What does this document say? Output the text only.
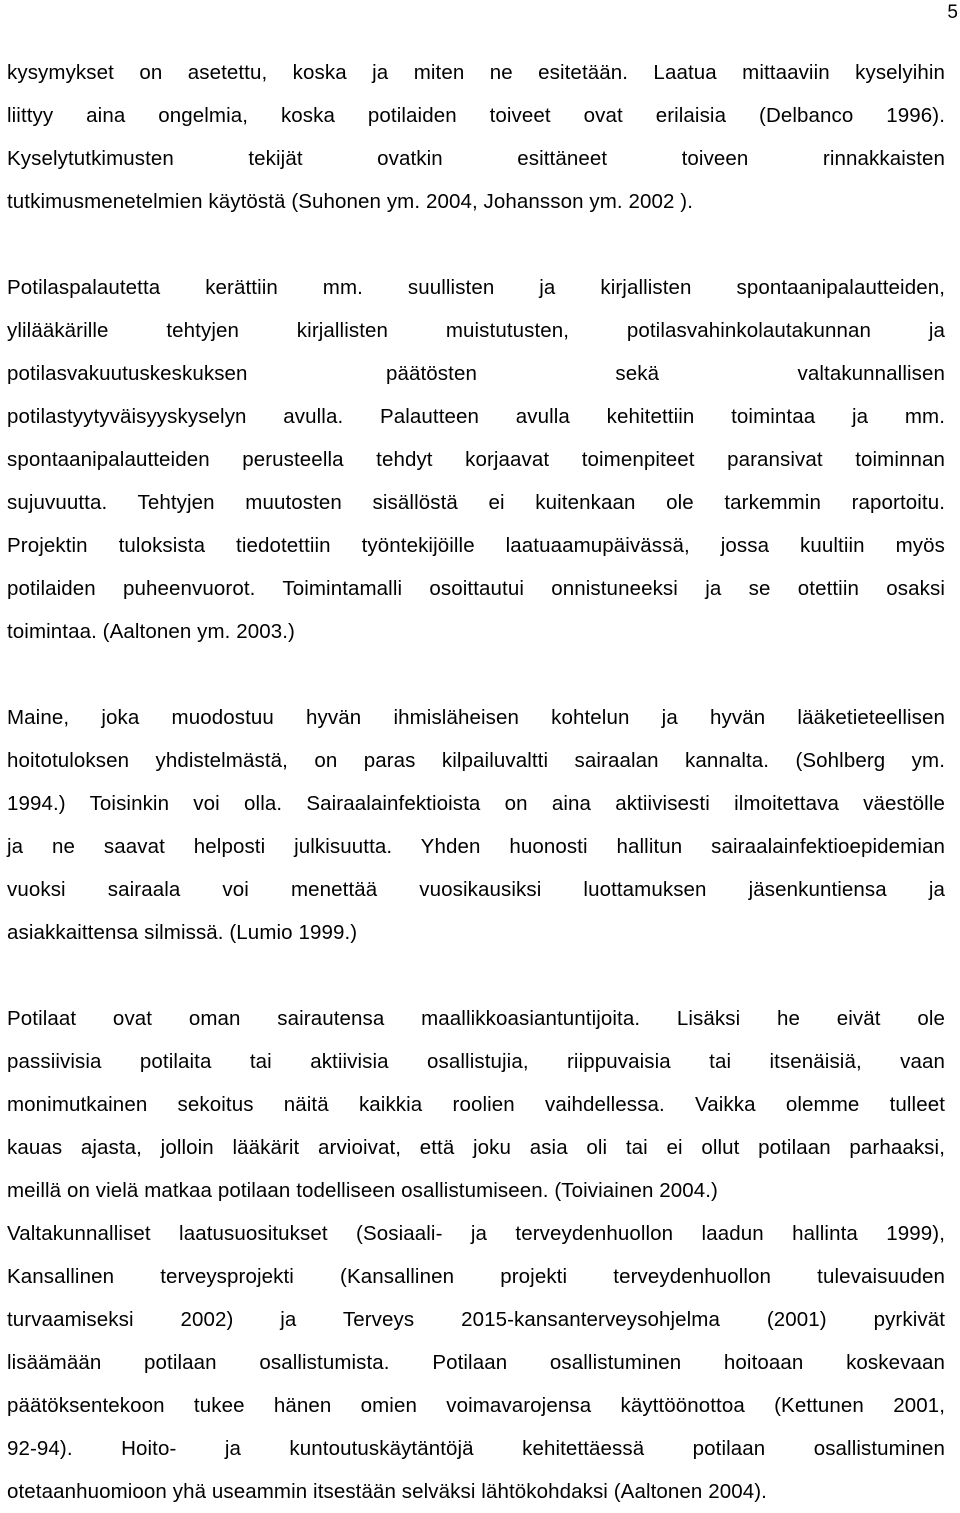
5
kysymykset on asetettu, koska ja miten ne esitetään. Laatua mittaaviin kyselyihin
liittyy aina ongelmia, koska potilaiden toiveet ovat erilaisia (Delbanco 1996).
Kyselytutkimusten tekijät ovatkin esittäneet toiveen rinnakkaisten
tutkimusmenetelmien käytöstä (Suhonen ym. 2004, Johansson ym. 2002 ).
Potilaspalautetta kerättiin mm. suullisten ja kirjallisten spontaanipalautteiden,
ylilääkärille tehtyjen kirjallisten muistutusten, potilasvahinkolautakunnan ja
potilasvakuutuskeskuksen päätösten sekä valtakunnallisen
potilastyytyväisyyskyselyn avulla. Palautteen avulla kehitettiin toimintaa ja mm.
spontaanipalautteiden perusteella tehdyt korjaavat toimenpiteet paransivat toiminnan
sujuvuutta. Tehtyjen muutosten sisällöstä ei kuitenkaan ole tarkemmin raportoitu.
Projektin tuloksista tiedotettiin työntekijöille laatuaamupäivässä, jossa kuultiin myös
potilaiden puheenvuorot. Toimintamalli osoittautui onnistuneeksi ja se otettiin osaksi
toimintaa. (Aaltonen ym. 2003.)
Maine, joka muodostuu hyvän ihmisläheisen kohtelun ja hyvän lääketieteellisen
hoitotuloksen yhdistelmästä, on paras kilpailuvaltti sairaalan kannalta. (Sohlberg ym.
1994.) Toisinkin voi olla. Sairaalainfektioista on aina aktiivisesti ilmoitettava väestölle
ja ne saavat helposti julkisuutta. Yhden huonosti hallitun sairaalainfektioepidemian
vuoksi sairaala voi menettää vuosikausiksi luottamuksen jäsenkuntiensa ja
asiakkaittensa silmissä. (Lumio 1999.)
Potilaat ovat oman sairautensa maallikkoasiantuntijoita. Lisäksi he eivät ole
passiivisia potilaita tai aktiivisia osallistujia, riippuvaisia tai itsenäisiä, vaan
monimutkainen sekoitus näitä kaikkia roolien vaihdellessa. Vaikka olemme tulleet
kauas ajasta, jolloin lääkärit arvioivat, että joku asia oli tai ei ollut potilaan parhaaksi,
meillä on vielä matkaa potilaan todelliseen osallistumiseen. (Toiviainen 2004.)
Valtakunnalliset laatusuositukset (Sosiaali- ja terveydenhuollon laadun hallinta 1999),
Kansallinen terveysprojekti (Kansallinen projekti terveydenhuollon tulevaisuuden
turvaamiseksi 2002) ja Terveys 2015-kansanterveysohjelma (2001) pyrkivät
lisäämään potilaan osallistumista. Potilaan osallistuminen hoitoaan koskevaan
päätöksentekoon tukee hänen omien voimavarojensa käyttöönottoa (Kettunen 2001,
92-94). Hoito- ja kuntoutuskäytäntöjä kehitettäessä potilaan osallistuminen
otetaanhuomioon yhä useammin itsestään selväksi lähtökohdaksi (Aaltonen 2004).
